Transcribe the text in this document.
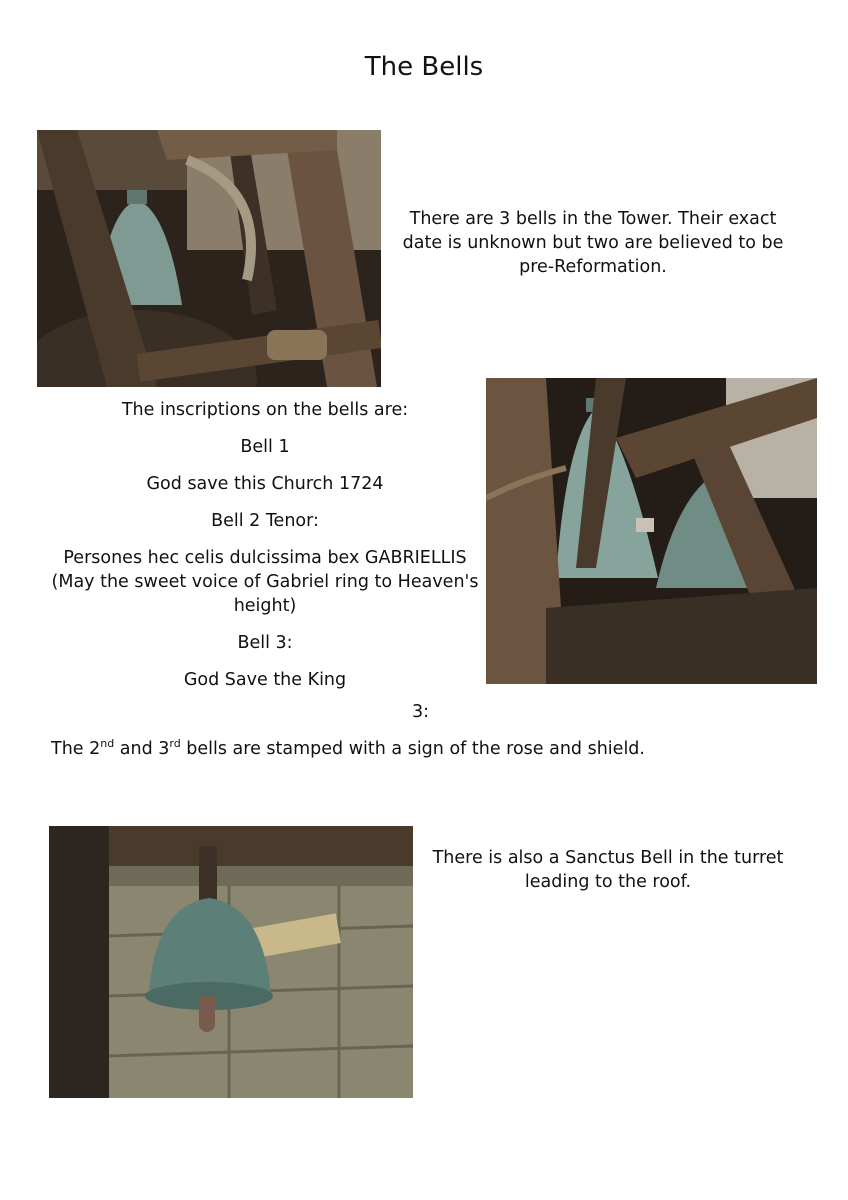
The Bells

There are 3 bells in the Tower. Their exact date is unknown but two are believed to be pre-Reformation.

The inscriptions on the bells are:

Bell 1

God save this Church 1724

Bell 2 Tenor:

Persones hec celis dulcissima bex GABRIELLIS (May the sweet voice of Gabriel ring to Heaven's height)

Bell 3:

God Save the King

3:
The 2nd and 3rd bells are stamped with a sign of the rose and shield.

There is also a Sanctus Bell in the turret leading to the roof.
